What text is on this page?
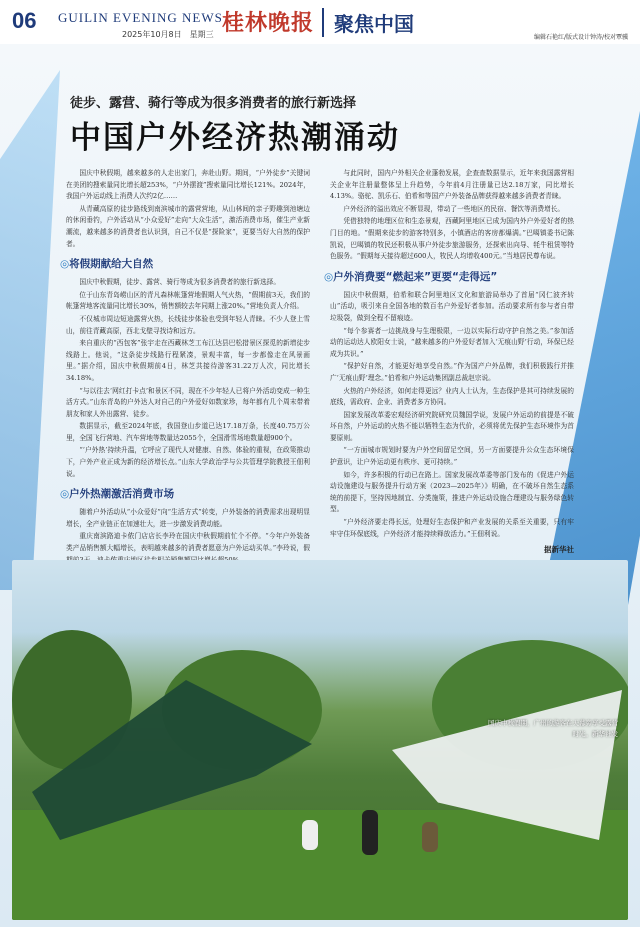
06 GUILIN EVENING NEWS
2025年10月8日　星期三 桂林晚报 聚焦中国
编辑石艳红/版式设计钟涛/校对覃骥
徒步、露营、骑行等成为很多消费者的旅行新选择
中国户外经济热潮涌动

国庆中秋假期，越来越多的人走出家门，奔赴山野。期间，“户外徒步”关键词在美团的搜索量同比增长超253%，“户外摆渡”搜索量同比增长121%。2024年，我国户外运动线上消费人次约2亿……

从青藏高原的徒步路线到南滨城市的露营营地，从山林间的亲子野趣到池塘边的休闲垂钓，户外活动从“小众爱好”走向“大众生活”，激活消费市场，催生产业新潮流，越来越多的消费者也认识到，自己不仅是“探险家”，更要当好大自然的保护者。

◎将假期献给大自然

国庆中秋假期，徒步、露营、骑行等成为很多消费者的旅行新选择。

位于山东青岛崂山区的青凡森林帐篷营地假期人气火热，“假期前3天，我们的帐篷营地客流量同比增长30%，销售额较去年同期上涨20%。”营地负责人介绍。

不仅城市周边短途露营火热，长线徒步体验也受到年轻人青睐。不少人登上雪山，前往青藏高原，西北戈壁寻找诗和远方。

来自重庆的“西包客”张宇走在西藏林芝工布江达县巴松措景区探觅的新增徒步线路上。他说，“这条徒步线路行程紧凑，景观丰富，每一步都像走在风景画里。”据介绍，国庆中秋假期前4日，林芝共接待游客31.22万人次，同比增长34.18%。

“与以往去‘网红打卡点’和景区不同，现在不少年轻人已将户外活动变成一种生活方式。”山东青岛的户外达人对自己的户外爱好如数家珍，每年都有几个周末带着朋友和家人外出露营、徒步。

数据显示，截至2024年底，我国登山步道已达17.18万条，长度40.75万公里，全国飞行营地、汽车营地等数量达2055个，全国滑雪场地数量超900个。

“‘户外热’持续升温，它呼应了现代人对健康、自然、体验的重视，在政策推动下，户外产业正成为新的经济增长点。”山东大学政治学与公共管理学院教授王佃利说。

◎户外热潮激活消费市场

随着户外活动从“小众爱好”向“生活方式”转变，户外装备的消费需求出现明显增长，全产业链正在加速壮大，进一步激发消费动能。

重庆南滨路迪卡侬门店店长李玲在国庆中秋假期前忙个不停。“今年户外装备类产品销售额大幅增长，表明越来越多的消费者愿意为户外运动买单。”李玲说，假

与此同时，国内户外相关企业蓬勃发展，企查查数据显示，近年来我国露营相关企业年注册量整体呈上升趋势，今年前4月注册量已达2.18万家，同比增长4.13%。骆驼、凯乐石、伯希和等国产户外装备品牌获得越来越多消费者青睐。

户外经济的溢出效应不断显现，带动了一些地区的民宿、餐饮等消费增长。

凭借独特的地理区位和生态景观，西藏阿里地区已成为国内外户外爱好者的热门目的地。“假期来徒步的游客特别多，小镇酒店的客房都爆满。”巴噶镇委书记陈凯说，巴噶镇的牧民还积极从事户外徒步旅游服务，还探索出向导、牦牛租赁等特色服务。“假期每天接待超过600人，牧民人均增收400元。”当地居民尊布说。

◎户外消费要“燃起来”更要“走得远”

国庆中秋假期，伯希和联合阿里地区文化和旅游局举办了首届“冈仁波齐转山”活动，吸引来自全国各地的数百名户外爱好者参加。活动要求所有参与者自带垃圾袋，做到全程不留痕迹。

“每个参赛者一边挑战身与生理极限，一边以实际行动守护自然之美。”参加活动的运动达人欧阳女士说，“越来越多的户外爱好者加入‘无痕山野’行动，环保已经成为共识。”

“保护好自然，才能更好地享受自然。”作为国产户外品牌，我们积极践行并推广‘无痕山野’理念。”伯希和户外运动集团副总裁赵宗说。

火热的户外经济，如何走得更远？业内人士认为，生态保护是其可持续发展的底线，需政府、企业、消费者多方协同。

国家发展改革委宏观经济研究院研究员魏国学说，发展户外运动的前提是不破坏自然，户外运动的火热不能以牺牲生态为代价，必须将优先保护生态环境作为首要原则。

“一方面城市规划时要为户外空间留足空间，另一方面要提升公众生态环境保护意识，让户外运动更有秩序、更可持续。”

如今，许多积极的行动已在路上。国家发展改革委等部门发布的《促进户外运动设施建设与服务提升行动方案（2023—2025年）》明确，在不破坏自然生态系统的前提下，坚持因地制宜、分类施策，推进户外运动设施合理建设与服务绿色转型。

“户外经济要走得长远，处理好生态保护和产业发展的关系至关重要，只有牢牢守住环保底线，户外经济才能持续释放活力。”王佃利说。

据新华社
国庆中秋假期，广州的游客在天幕旁享受露营时光。新华社发
